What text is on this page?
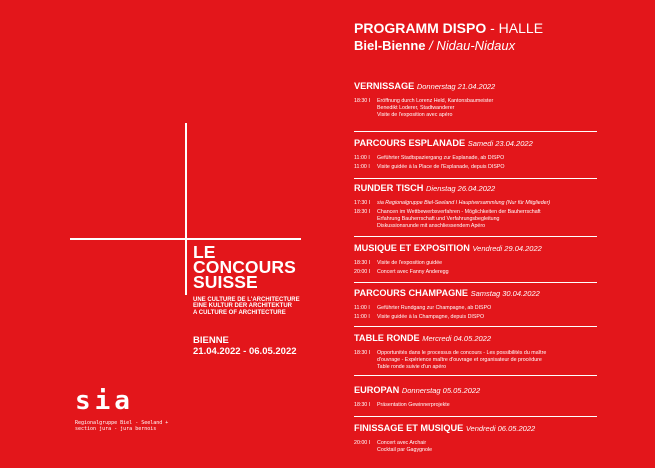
LE
CONCOURS
SUISSE
UNE CULTURE DE L'ARCHITECTURE
EINE KULTUR DER ARCHITEKTUR
A CULTURE OF ARCHITECTURE
BIENNE
21.04.2022 - 06.05.2022
sia
Regionalgruppe Biel - Seeland +
section jura - jura bernois
PROGRAMM DISPO - HALLE
Biel-Bienne / Nidau-Nidaux
VERNISSAGE Donnerstag 21.04.2022
18:30 I	Eröffnung durch Lorenz Held, Kantonsbaumeister
Benedikt Loderer, Stadtwanderer
Visite de l'exposition avec apéro
PARCOURS ESPLANADE Samedi 23.04.2022
11:00 I	Geführter Stadtspaziergang zur Esplanade, ab DISPO
11:00 I	Visite guidée à la Place de l'Esplanade, depuis DISPO
RUNDER TISCH Dienstag 26.04.2022
17:30 I	sia Regionalgruppe Biel-Seeland I Hauptversammlung (Nur für Mitglieder)
18:30 I	Chancen im Wettbewerbsverfahren - Möglichkeiten der Bauherrschaft
Erfahrung Bauherrschaft und Verfahrungsbegleitung
Diskussionsrunde mit anschliessendem Apéro
MUSIQUE ET EXPOSITION Vendredi 29.04.2022
18:30 I	Visite de l'exposition guidée
20:00 I	Concert avec Fanny Anderegg
PARCOURS CHAMPAGNE Samstag 30.04.2022
11:00 I	Geführter Rundgang zur Champagne, ab DISPO
11:00 I	Visite guidée à la Champagne, depuis DISPO
TABLE RONDE Mercredi 04.05.2022
18:30 I	Opportunités dans le processus de concours - Les possibilités du maître
d'ouvrage - Expérience maître d'ouvrage et organisateur de procédure
Table ronde suivie d'un apéro
EUROPAN Donnerstag 05.05.2022
18:30 I	Präsentation Gewinnerprojekte
FINISSAGE ET MUSIQUE Vendredi 06.05.2022
20:00 I	Concert avec Archair
Cocktail par Gagygnole
